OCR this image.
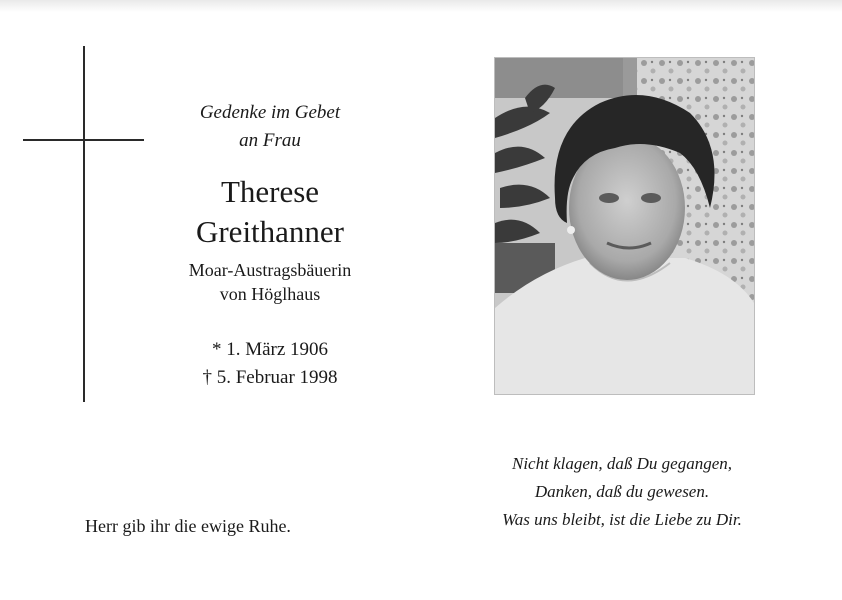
Gedenke im Gebet
an Frau
Therese
Greithanner
Moar-Austragsbäuerin
von Höglhaus
* 1. März 1906
† 5. Februar 1998
Nicht klagen, daß Du gegangen,
Danken, daß du gewesen.
Was uns bleibt, ist die Liebe zu Dir.
Herr gib ihr die ewige Ruhe.
